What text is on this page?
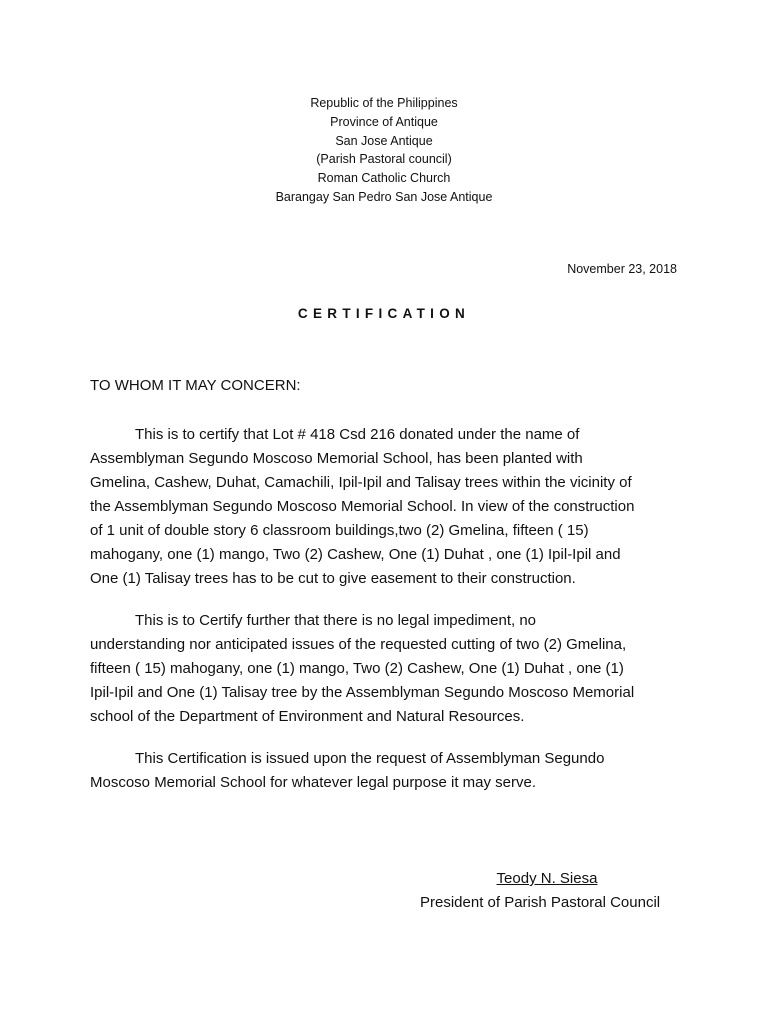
Republic of the Philippines
Province of Antique
San Jose Antique
(Parish Pastoral council)
Roman Catholic Church
Barangay San Pedro San Jose Antique
November 23, 2018
CERTIFICATION
TO WHOM IT MAY CONCERN:
This is to certify that Lot # 418 Csd 216 donated under the name of
Assemblyman Segundo Moscoso Memorial School, has been planted with
Gmelina, Cashew, Duhat, Camachili, Ipil-Ipil and Talisay trees within the vicinity of
the Assemblyman Segundo Moscoso Memorial School. In view of the construction
of 1 unit of double story 6 classroom buildings,two (2) Gmelina, fifteen ( 15)
mahogany, one (1) mango, Two (2) Cashew, One (1) Duhat , one (1) Ipil-Ipil and
One (1) Talisay trees has to be cut to give easement to their construction.
This is to Certify further that there is no legal impediment, no
understanding nor anticipated issues of the requested cutting of two (2) Gmelina,
fifteen ( 15) mahogany, one (1) mango, Two (2) Cashew, One (1) Duhat , one (1)
Ipil-Ipil and One (1) Talisay tree by the Assemblyman Segundo Moscoso Memorial
school of the Department of Environment and Natural Resources.
This Certification is issued upon the request of Assemblyman Segundo
Moscoso Memorial School for whatever legal purpose it may serve.
Teody N. Siesa
President of Parish Pastoral Council
